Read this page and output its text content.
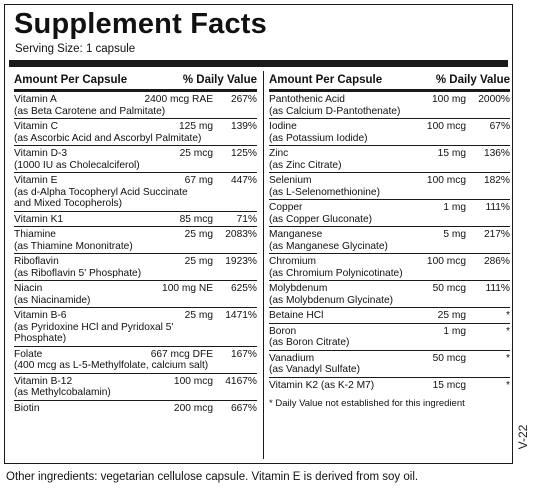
Supplement Facts
Serving Size: 1 capsule
Amount Per Capsule	% Daily Value
Vitamin A	2400 mcg RAE	267%
(as Beta Carotene and Palmitate)
Vitamin C	125 mg	139%
(as Ascorbic Acid and Ascorbyl Palmitate)
Vitamin D-3	25 mcg	125%
(1000 IU as Cholecalciferol)
Vitamin E	67 mg	447%
(as d-Alpha Tocopheryl Acid Succinate
and Mixed Tocopherols)
Vitamin K1	85 mcg	71%
Thiamine	25 mg	2083%
(as Thiamine Mononitrate)
Riboflavin	25 mg	1923%
(as Riboflavin 5' Phosphate)
Niacin	100 mg NE	625%
(as Niacinamide)
Vitamin B-6	25 mg	1471%
(as Pyridoxine HCl and Pyridoxal 5'
Phosphate)
Folate	667 mcg DFE	167%
(400 mcg as L-5-Methylfolate, calcium salt)
Vitamin B-12	100 mcg	4167%
(as Methylcobalamin)
Biotin	200 mcg	667%
Amount Per Capsule	% Daily Value
Pantothenic Acid	100 mg	2000%
(as Calcium D-Pantothenate)
Iodine	100 mcg	67%
(as Potassium Iodide)
Zinc	15 mg	136%
(as Zinc Citrate)
Selenium	100 mcg	182%
(as L-Selenomethionine)
Copper	1 mg	111%
(as Copper Gluconate)
Manganese	5 mg	217%
(as Manganese Glycinate)
Chromium	100 mcg	286%
(as Chromium Polynicotinate)
Molybdenum	50 mcg	111%
(as Molybdenum Glycinate)
Betaine HCl	25 mg	*
Boron	1 mg	*
(as Boron Citrate)
Vanadium	50 mcg	*
(as Vanadyl Sulfate)
Vitamin K2 (as K-2 M7)	15 mcg	*
* Daily Value not established for this ingredient
Other ingredients: vegetarian cellulose capsule. Vitamin E is derived from soy oil.
V-22
